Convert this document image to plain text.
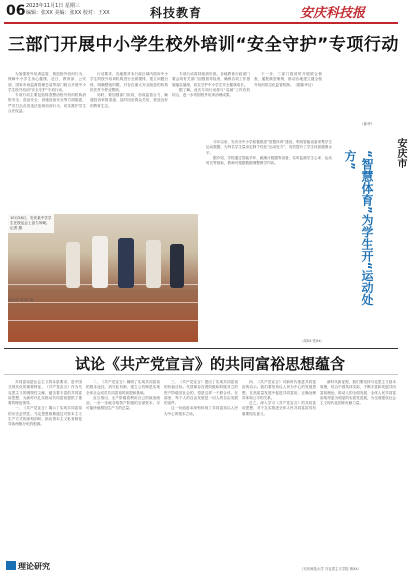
06 2023年11月1日 星期三
编辑：张XX 美编：张XX 校对：王XX	科技教育	安庆科技报
三部门开展中小学生校外培训“安全守护”专项行动

为加强校外培训监管，规范校外培训行为，保障中小学生身心健康，近日，教育部、公安部、国家市场监督管理总局等部门联合开展中小学生校外培训“安全守护”专项行动。

专项行动主要包括排查整治校外培训机构消防安全、食品安全、设施设备安全等方面隐患，严厉打击各类违法违规培训行为，切实维护学生合法权益。

行动要求，各地要对本行政区域内面向中小学生的校外培训机构进行全面摸排，建立问题台账，明确整改时限，对存在重大安全隐患的机构依法责令停业整顿。

同时，要加强部门协同，形成监管合力，畅通投诉举报渠道，及时回应群众关切，营造良好的教育生态。

专项行动将持续到年底。各地教育行政部门要会同有关部门加强督导检查，确保各项工作措施落实落细，切实守护中小学生安全健康成长。

据了解，此次专项行动将与“双减”工作有机结合，进一步巩固校外培训治理成果。

下一步，三部门将适时开展联合督查，通报典型案例，推动各地建立健全校外培训常态化监管机制。（据新华社）

（新华）
10月26日，安庆某中学学生在校运会上奋力冲刺。记者 摄
通讯员 周XX 摄

今年以来，安庆市中小学积极推进“智慧体育”建设，利用智能设备采集学生运动数据，为每名学生量身定制个性化“运动处方”，有效提升了学生体质健康水平。

据介绍，学校通过智能手环、跳绳计数器等设备，实时监测学生心率、运动时长等指标，教师可根据数据调整教学内容。	安庆市
“智慧体育”为学生开“运动处方”
（周XX 张XX）
试论《共产党宣言》的共同富裕思想蕴含

共同富裕是社会主义的本质要求，是中国式现代化的重要特征。《共产党宣言》作为马克思主义的纲领性文献，蕴含着丰富的共同富裕思想，为新时代扎实推动共同富裕提供了重要的理论指导。

一、《共产党宣言》揭示了实现共同富裕的历史必然性。马克思恩格斯通过对资本主义生产方式的深刻剖析，指出资本主义私有制是导致两极分化的根源。

二、《共产党宣言》阐明了实现共同富裕的根本途径。消灭私有制、建立公有制是实现全体社会成员共同富裕的前提和基础。

宣言指出，无产阶级将利用自己的政治统治，一步一步地夺取资产阶级的全部资本，尽可能快地增加生产力的总量。

三、《共产党宣言》提出了实现共同富裕的价值目标。代替那存在着阶级和阶级对立的资产阶级旧社会的，将是这样一个联合体，在那里，每个人的自由发展是一切人的自由发展的条件。

这一价值追求深刻体现了共同富裕以人民为中心的根本立场。

四、《共产党宣言》对新时代推进共同富裕的启示。我们要坚持以人民为中心的发展思想，在高质量发展中促进共同富裕，正确处理效率和公平的关系。

总之，深入学习《共产党宣言》的共同富裕思想，对于扎实推进全体人民共同富裕具有重要现实意义。

新时代新征程，我们要坚持马克思主义基本原理，结合中国具体实际，不断丰富和发展共同富裕理论，推动人的全面发展、全体人民共同富裕取得更为明显的实质性进展，为全面建设社会主义现代化国家贡献力量。

理论研究	（安庆师范大学 马克思主义学院 黄XX）
